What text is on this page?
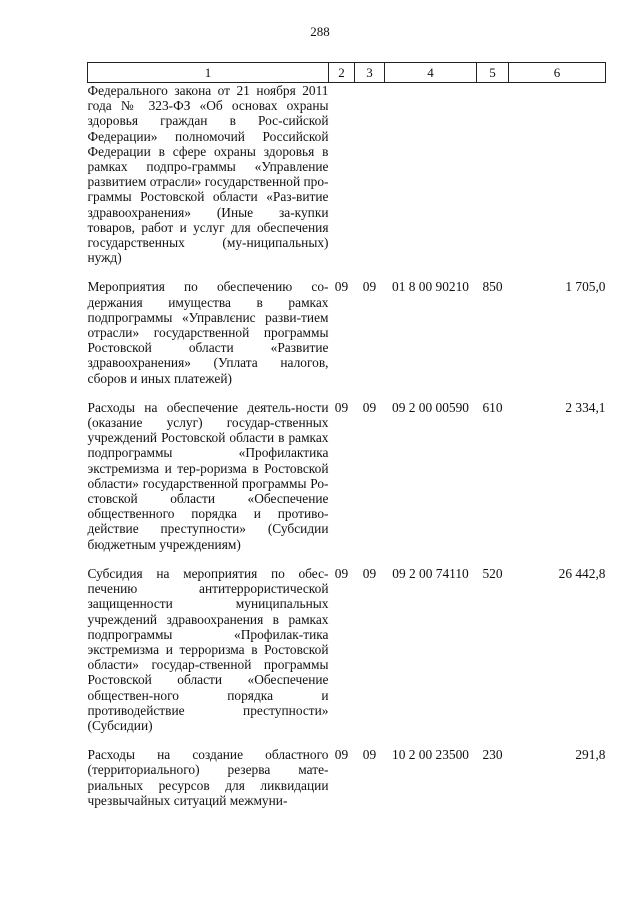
288
1	2	3	4	5	6
Федерального закона от 21 ноября 2011 года № 323-ФЗ «Об основах охраны здоровья граждан в Рос-сийской Федерации» полномочий Российской Федерации в сфере охраны здоровья в рамках подпро-граммы «Управление развитием отрасли» государственной про-граммы Ростовской области «Раз-витие здравоохранения» (Иные за-купки товаров, работ и услуг для обеспечения государственных (му-ниципальных) нужд)					
Мероприятия по обеспечению со-держания имущества в рамках подпрограммы «Управлєнис разви-тием отрасли» государственной программы Ростовской области «Развитие здравоохранения» (Уплата налогов, сборов и иных платежей)	09	09	01 8 00 90210	850	1 705,0
Расходы на обеспечение деятель-ности (оказание услуг) государ-ственных учреждений Ростовской области в рамках подпрограммы «Профилактика экстремизма и тер-роризма в Ростовской области» государственной программы Ро-стовской области «Обеспечение общественного порядка и противо-действие преступности» (Субсидии бюджетным учреждениям)	09	09	09 2 00 00590	610	2 334,1
Субсидия на мероприятия по обес-печению антитеррористической защищенности муниципальных учреждений здравоохранения в рамках подпрограммы «Профилак-тика экстремизма и терроризма в Ростовской области» государ-ственной программы Ростовской области «Обеспечение обществен-ного порядка и противодействие преступности» (Субсидии)	09	09	09 2 00 74110	520	26 442,8
Расходы на создание областного (территориального) резерва мате-риальных ресурсов для ликвидации чрезвычайных ситуаций межмуни-	09	09	10 2 00 23500	230	291,8
